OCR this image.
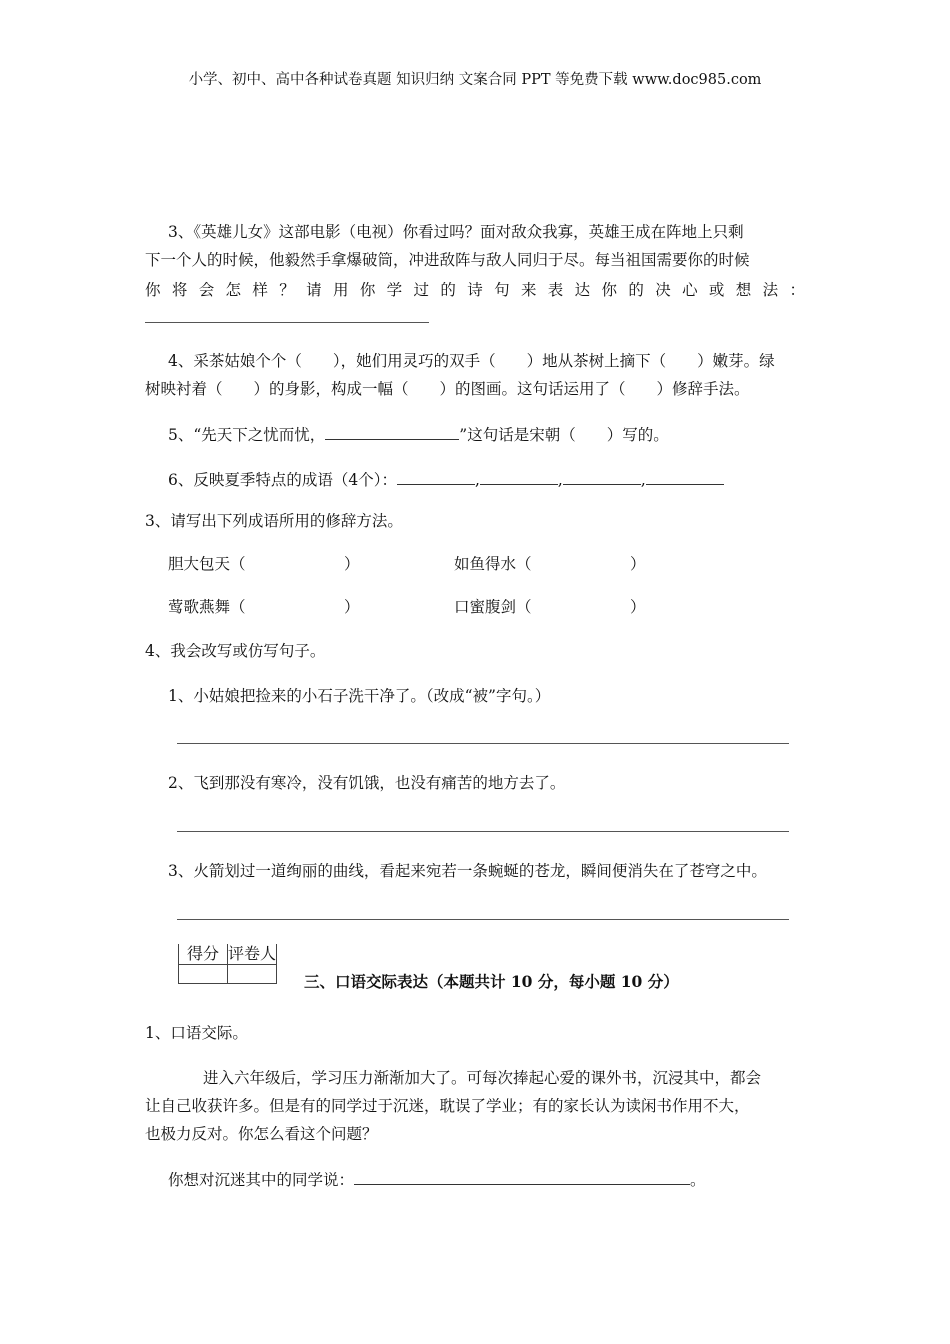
小学、初中、高中各种试卷真题 知识归纳 文案合同 PPT 等免费下载 www.doc985.com
3、《英雄儿女》这部电影（电视）你看过吗？面对敌众我寡，英雄王成在阵地上只剩
下一个人的时候，他毅然手拿爆破筒，冲进敌阵与敌人同归于尽。每当祖国需要你的时候
你将会怎样？请用你学过的诗句来表达你的决心或想法：
4、采茶姑娘个个（　　），她们用灵巧的双手（　　）地从茶树上摘下（　　）嫩芽。绿
树映衬着（　　）的身影，构成一幅（　　）的图画。这句话运用了（　　）修辞手法。
5、“先天下之忧而忧，	”这句话是宋朝（　　）写的。
6、反映夏季特点的成语（4个）：	,	,	,
3、请写出下列成语所用的修辞方法。
胆大包天（	）	如鱼得水（	）
莺歌燕舞（	）	口蜜腹剑（	）
4、我会改写或仿写句子。
1、小姑娘把捡来的小石子洗干净了。（改成“被”字句。）
2、飞到那没有寒冷，没有饥饿，也没有痛苦的地方去了。
3、火箭划过一道绚丽的曲线，看起来宛若一条蜿蜒的苍龙，瞬间便消失在了苍穹之中。
得分	评卷人

三、口语交际表达（本题共计 10 分，每小题 10 分）
1、口语交际。
进入六年级后，学习压力渐渐加大了。可每次捧起心爱的课外书，沉浸其中，都会
让自己收获许多。但是有的同学过于沉迷，耽误了学业；有的家长认为读闲书作用不大，
也极力反对。你怎么看这个问题？
你想对沉迷其中的同学说：	。
